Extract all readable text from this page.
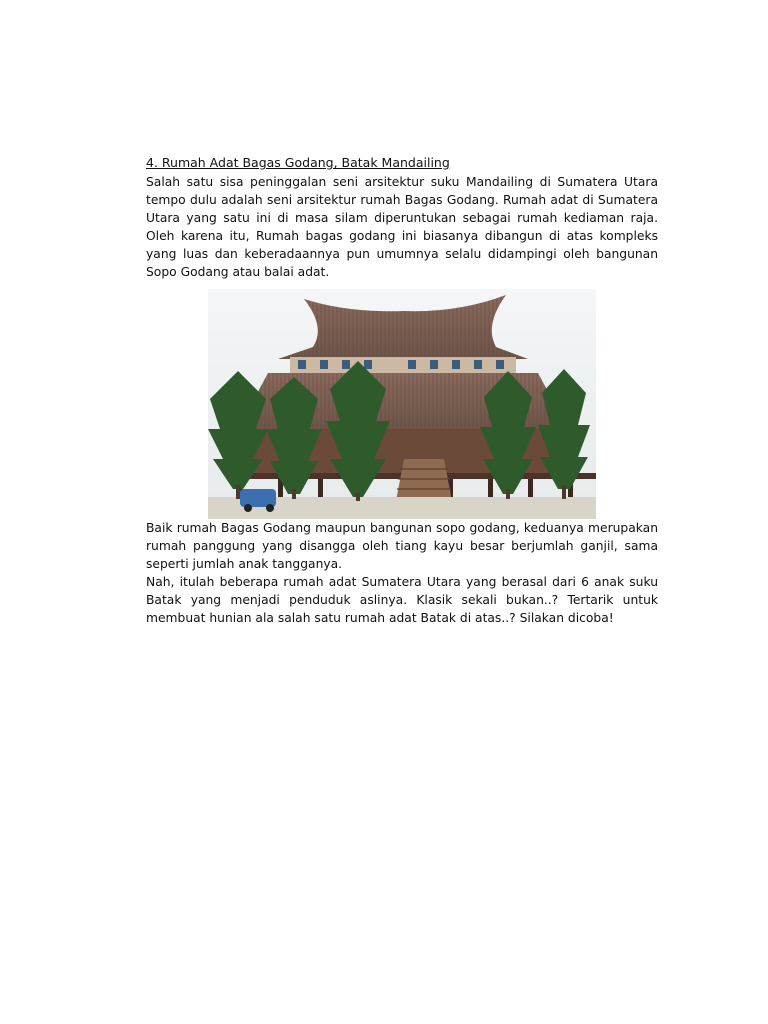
4. Rumah Adat Bagas Godang, Batak Mandailing

Salah satu sisa peninggalan seni arsitektur suku Mandailing di Sumatera Utara tempo dulu adalah seni arsitektur rumah Bagas Godang. Rumah adat di Sumatera Utara yang satu ini di masa silam diperuntukan sebagai rumah kediaman raja. Oleh karena itu, Rumah bagas godang ini biasanya dibangun di atas kompleks yang luas dan keberadaannya pun umumnya selalu didampingi oleh bangunan Sopo Godang atau balai adat.

Baik rumah Bagas Godang maupun bangunan sopo godang, keduanya merupakan rumah panggung yang disangga oleh tiang kayu besar berjumlah ganjil, sama seperti jumlah anak tangganya.

Nah, itulah beberapa rumah adat Sumatera Utara yang berasal dari 6 anak suku Batak yang menjadi penduduk aslinya. Klasik sekali bukan..? Tertarik untuk membuat hunian ala salah satu rumah adat Batak di atas..? Silakan dicoba!
